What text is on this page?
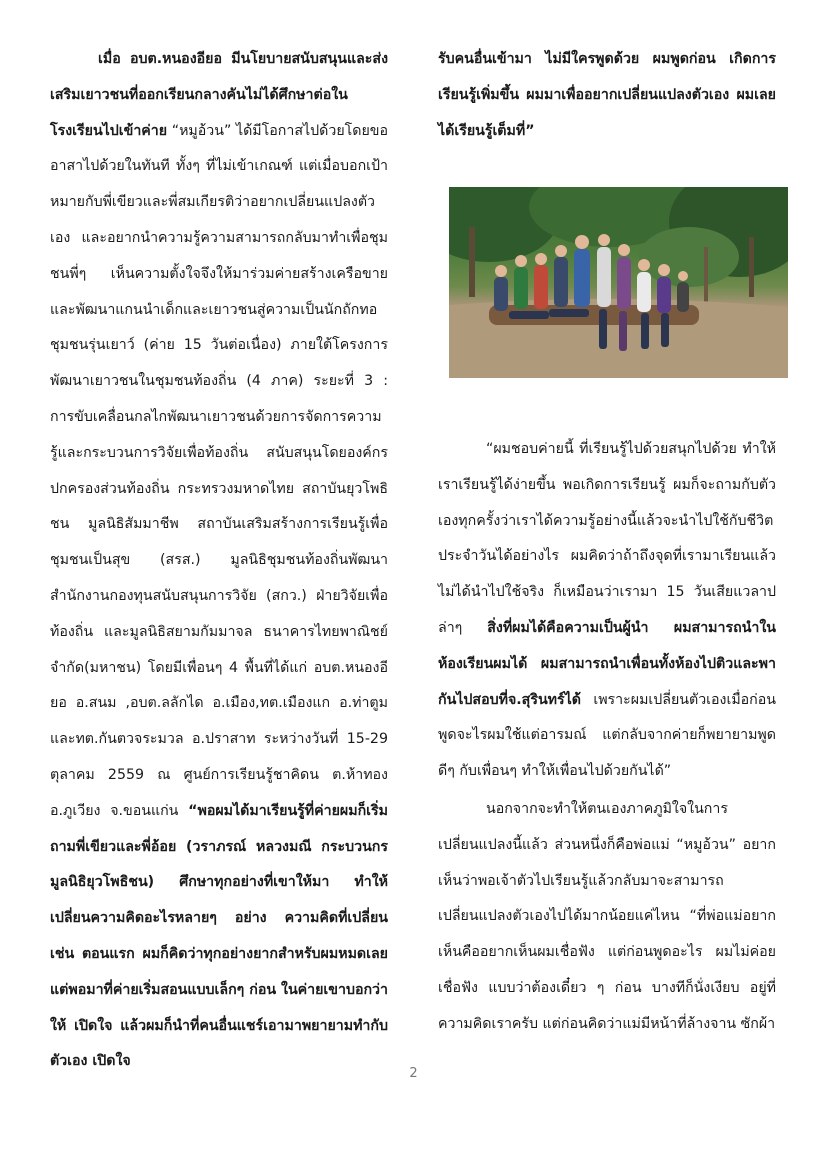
เมื่อ อบต.หนองอียอ มีนโยบายสนับสนุนและส่งเสริมเยาวชนที่ออกเรียนกลางคันไม่ได้ศึกษาต่อในโรงเรียนไปเข้าค่าย “หมูอ้วน” ได้มีโอกาสไปด้วยโดยขออาสาไปด้วยในทันที ทั้งๆ ที่ไม่เข้าเกณฑ์ แต่เมื่อบอกเป้าหมายกับพี่เขียวและพี่สมเกียรติว่าอยากเปลี่ยนแปลงตัวเอง และอยากนำความรู้ความสามารถกลับมาทำเพื่อชุมชนพี่ๆ เห็นความตั้งใจจึงให้มาร่วมค่ายสร้างเครือขายและพัฒนาแกนนำเด็กและเยาวชนสู่ความเป็นนักถักทอชุมชนรุ่นเยาว์ (ค่าย 15 วันต่อเนื่อง) ภายใต้โครงการพัฒนาเยาวชนในชุมชนท้องถิ่น (4 ภาค) ระยะที่ 3 : การขับเคลื่อนกลไกพัฒนาเยาวชนด้วยการจัดการความรู้และกระบวนการวิจัยเพื่อท้องถิ่น สนับสนุนโดยองค์กรปกครองส่วนท้องถิ่น กระทรวงมหาดไทย สถาบันยุวโพธิชน มูลนิธิสัมมาชีพ สถาบันเสริมสร้างการเรียนรู้เพื่อชุมชนเป็นสุข (สรส.) มูลนิธิชุมชนท้องถิ่นพัฒนา สำนักงานกองทุนสนับสนุนการวิจัย (สกว.) ฝ่ายวิจัยเพื่อท้องถิ่น และมูลนิธิสยามกัมมาจล ธนาคารไทยพาณิชย์ จำกัด(มหาชน) โดยมีเพื่อนๆ 4 พื้นที่ได้แก่ อบต.หนองอียอ อ.สนม ,อบต.ลลักได อ.เมือง,ทต.เมืองแก อ.ท่าตูม และทต.กันตวจระมวล อ.ปราสาท ระหว่างวันที่ 15-29 ตุลาคม 2559 ณ ศูนย์การเรียนรู้ชาคิดน ต.ห้าทอง อ.ภูเวียง จ.ขอนแก่น “พอผมได้มาเรียนรู้ที่ค่ายผมก็เริ่มถามพี่เขียวและพี่อ้อย (วราภรณ์ หลวงมณี กระบวนกร มูลนิธิยุวโพธิชน) ศึกษาทุกอย่างที่เขาให้มา ทำให้เปลี่ยนความคิดอะไรหลายๆ อย่าง ความคิดที่เปลี่ยน เช่น ตอนแรก ผมก็คิดว่าทุกอย่างยากสำหรับผมหมดเลย แต่พอมาที่ค่ายเริ่มสอนแบบเล็กๆ ก่อน ในค่ายเขาบอกว่าให้ เปิดใจ แล้วผมก็นำที่คนอื่นแชร์เอามาพยายามทำกับตัวเอง เปิดใจ

รับคนอื่นเข้ามา ไม่มีใครพูดด้วย ผมพูดก่อน เกิดการเรียนรู้เพิ่มขึ้น ผมมาเพื่ออยากเปลี่ยนแปลงตัวเอง ผมเลยได้เรียนรู้เต็มที่”

“ผมชอบค่ายนี้ ที่เรียนรู้ไปด้วยสนุกไปด้วย ทำให้เราเรียนรู้ได้ง่ายขึ้น พอเกิดการเรียนรู้ ผมก็จะถามกับตัวเองทุกครั้งว่าเราได้ความรู้อย่างนี้แล้วจะนำไปใช้กับชีวิตประจำวันได้อย่างไร ผมคิดว่าถ้าถึงจุดที่เรามาเรียนแล้วไม่ได้นำไปใช้จริง ก็เหมือนว่าเรามา 15 วันเสียแวลาปล่าๆ สิ่งที่ผมได้คือความเป็นผู้นำ ผมสามารถนำในห้องเรียนผมได้ ผมสามารถนำเพื่อนทั้งห้องไปติวและพากันไปสอบที่จ.สุรินทร์ได้ เพราะผมเปลี่ยนตัวเองเมื่อก่อนพูดจะไรผมใช้แต่อารมณ์ แต่กลับจากค่ายก็พยายามพูดดีๆ กับเพื่อนๆ ทำให้เพื่อนไปด้วยกันได้”

นอกจากจะทำให้ตนเองภาคภูมิใจในการเปลี่ยนแปลงนี้แล้ว ส่วนหนึ่งก็คือพ่อแม่ “หมูอ้วน” อยากเห็นว่าพอเจ้าตัวไปเรียนรู้แล้วกลับมาจะสามารถเปลี่ยนแปลงตัวเองไปได้มากน้อยแค่ไหน “ที่พ่อแม่อยากเห็นคืออยากเห็นผมเชื่อฟัง แต่ก่อนพูดอะไร ผมไม่ค่อยเชื่อฟัง แบบว่าต้องเดี๋ยว ๆ ก่อน บางทีก็นั่งเงียบ อยู่ที่ความคิดเราครับ แต่ก่อนคิดว่าแม่มีหน้าที่ล้างจาน ซักผ้า

2
